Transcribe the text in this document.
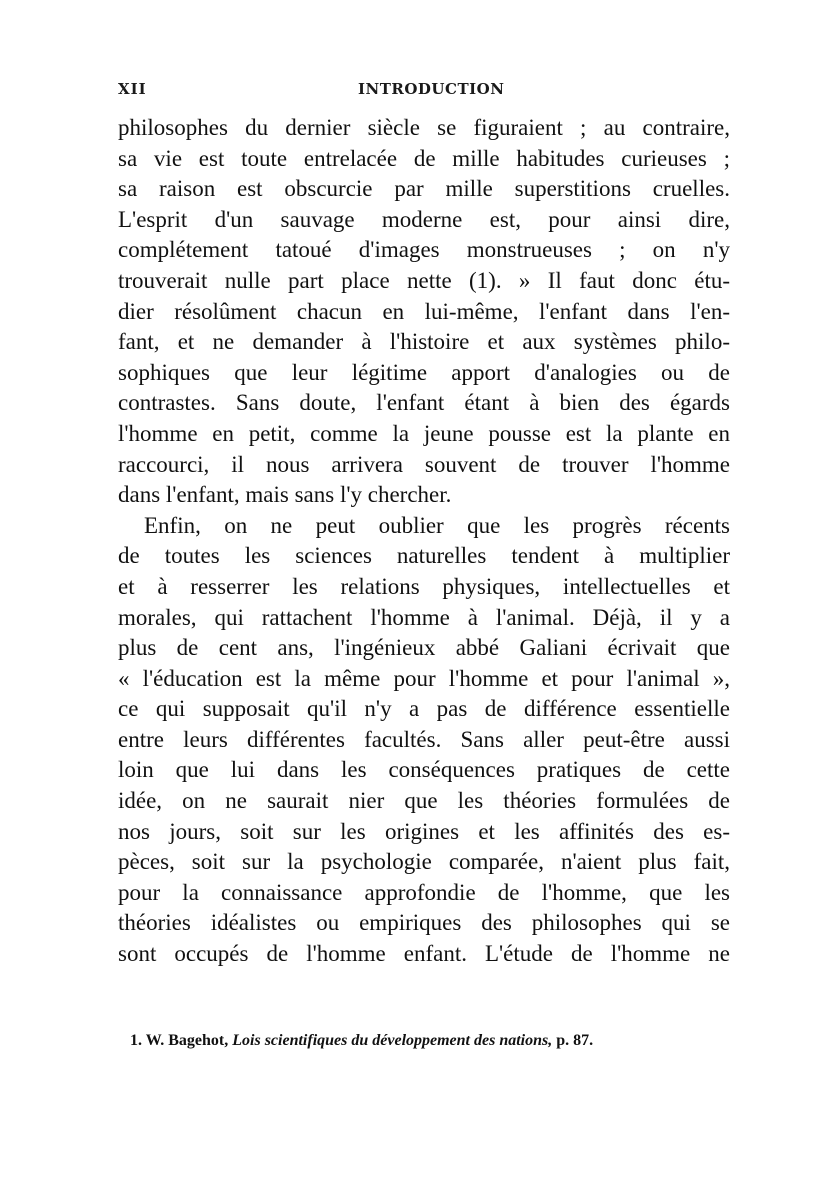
XII	INTRODUCTION
philosophes du dernier siècle se figuraient ; au contraire,
sa vie est toute entrelacée de mille habitudes curieuses ;
sa raison est obscurcie par mille superstitions cruelles.
L'esprit d'un sauvage moderne est, pour ainsi dire,
complétement tatoué d'images monstrueuses ; on n'y
trouverait nulle part place nette (1). » Il faut donc étu-
dier résolûment chacun en lui-même, l'enfant dans l'en-
fant, et ne demander à l'histoire et aux systèmes philo-
sophiques que leur légitime apport d'analogies ou de
contrastes. Sans doute, l'enfant étant à bien des égards
l'homme en petit, comme la jeune pousse est la plante en
raccourci, il nous arrivera souvent de trouver l'homme
dans l'enfant, mais sans l'y chercher.
Enfin, on ne peut oublier que les progrès récents
de toutes les sciences naturelles tendent à multiplier
et à resserrer les relations physiques, intellectuelles et
morales, qui rattachent l'homme à l'animal. Déjà, il y a
plus de cent ans, l'ingénieux abbé Galiani écrivait que
« l'éducation est la même pour l'homme et pour l'animal »,
ce qui supposait qu'il n'y a pas de différence essentielle
entre leurs différentes facultés. Sans aller peut-être aussi
loin que lui dans les conséquences pratiques de cette
idée, on ne saurait nier que les théories formulées de
nos jours, soit sur les origines et les affinités des es-
pèces, soit sur la psychologie comparée, n'aient plus fait,
pour la connaissance approfondie de l'homme, que les
théories idéalistes ou empiriques des philosophes qui se
sont occupés de l'homme enfant. L'étude de l'homme ne
1. W. Bagehot, Lois scientifiques du développement des nations, p. 87.
